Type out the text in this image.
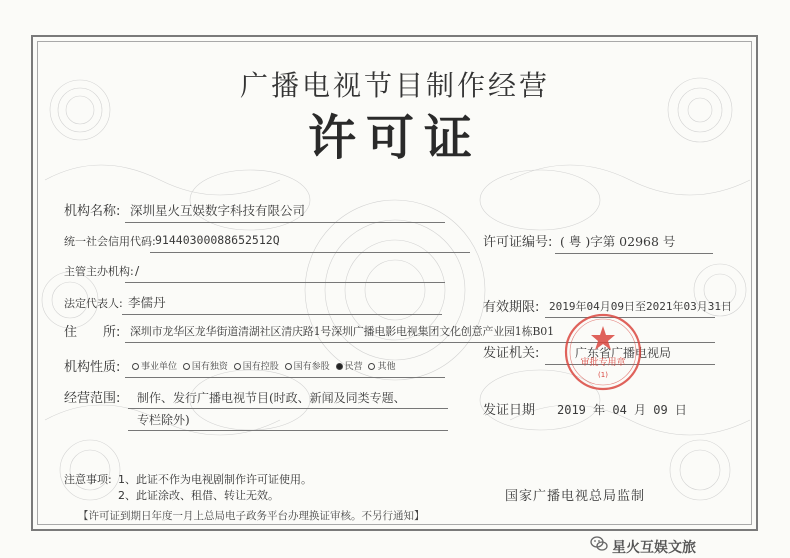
广播电视节目制作经营
许可证
机构名称: 深圳星火互娱数字科技有限公司
统一社会信用代码: 91440300088652512Q	许可证编号: ( 粤 )字第 02968 号
主管主办机构: /
法定代表人: 李儒丹	有效期限: 2019年04月09日至2021年03月31日
住　　所: 深圳市龙华区龙华街道清湖社区清庆路1号深圳广播电影电视集团文化创意产业园1栋B01
机构性质:	事业单位 国有独资 国有控股 国有参股 民营 其他
发证机关:	广东省广播电视局
经营范围: 制作、发行广播电视节目(时政、新闻及同类专题、
专栏除外)
发证日期 2019 年 04 月 09 日
注意事项: 1、此证不作为电视剧制作许可证使用。
2、此证涂改、租借、转让无效。	国家广播电视总局监制
【许可证到期日年度一月上总局电子政务平台办理换证审核。不另行通知】
审批专用章
(1)
星火互娱文旅
